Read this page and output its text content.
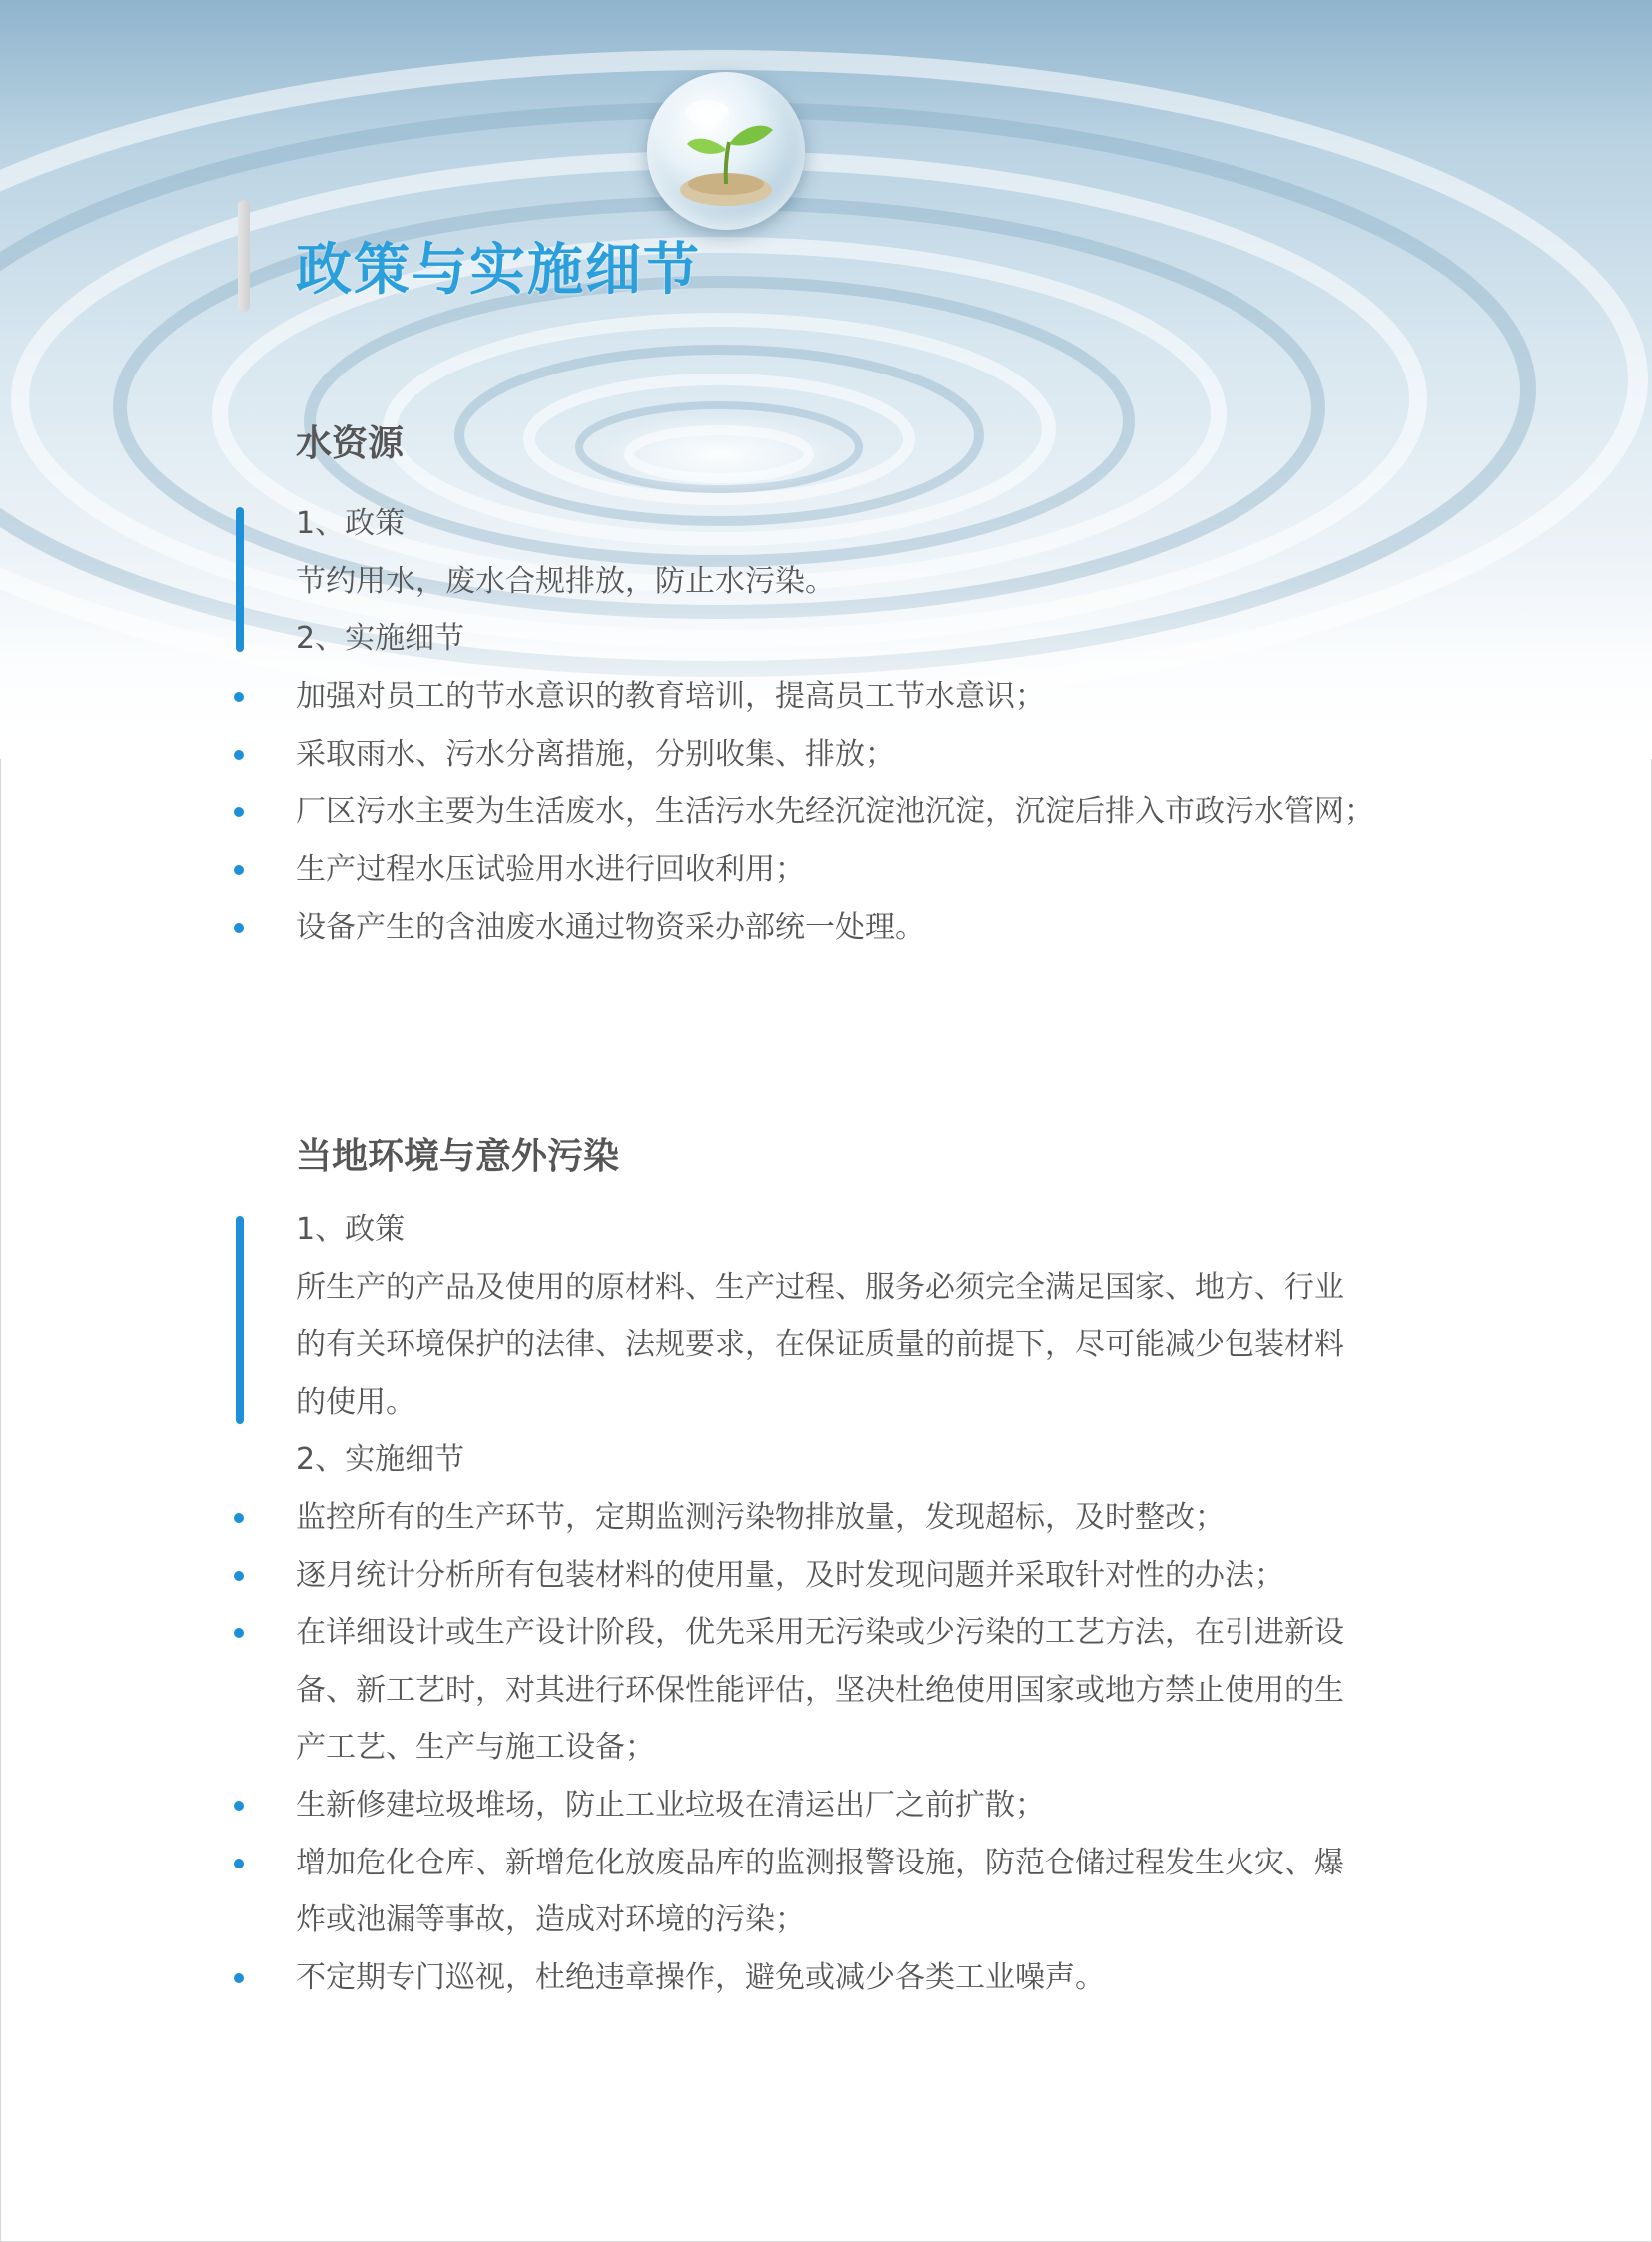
政策与实施细节
水资源

1、政策

节约用水，废水合规排放，防止水污染。

2、实施细节

加强对员工的节水意识的教育培训，提高员工节水意识；

采取雨水、污水分离措施，分别收集、排放；

厂区污水主要为生活废水，生活污水先经沉淀池沉淀，沉淀后排入市政污水管网；

生产过程水压试验用水进行回收利用；

设备产生的含油废水通过物资采办部统一处理。

当地环境与意外污染

1、政策

所生产的产品及使用的原材料、生产过程、服务必须完全满足国家、地方、行业

的有关环境保护的法律、法规要求，在保证质量的前提下，尽可能减少包装材料

的使用。

2、实施细节

监控所有的生产环节，定期监测污染物排放量，发现超标，及时整改；

逐月统计分析所有包装材料的使用量，及时发现问题并采取针对性的办法；

在详细设计或生产设计阶段，优先采用无污染或少污染的工艺方法，在引进新设

备、新工艺时，对其进行环保性能评估，坚决杜绝使用国家或地方禁止使用的生

产工艺、生产与施工设备；

生新修建垃圾堆场，防止工业垃圾在清运出厂之前扩散；

增加危化仓库、新增危化放废品库的监测报警设施，防范仓储过程发生火灾、爆

炸或池漏等事故，造成对环境的污染；

不定期专门巡视，杜绝违章操作，避免或减少各类工业噪声。
